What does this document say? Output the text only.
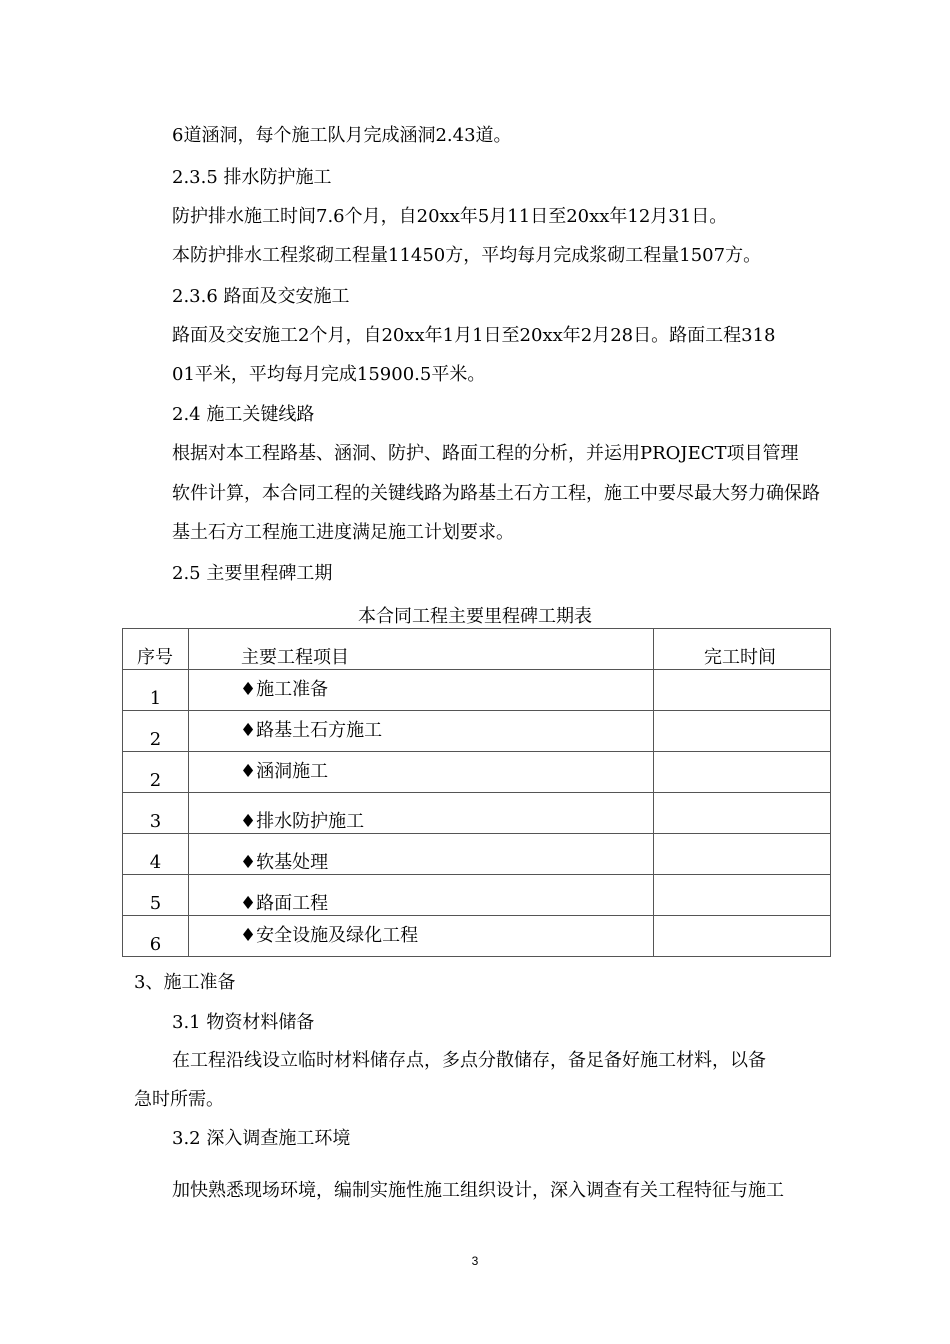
6道涵洞，每个施工队月完成涵洞2.43道。
2.3.5 排水防护施工
防护排水施工时间7.6个月，自20xx年5月11日至20xx年12月31日。
本防护排水工程浆砌工程量11450方，平均每月完成浆砌工程量1507方。
2.3.6 路面及交安施工
路面及交安施工2个月，自20xx年1月1日至20xx年2月28日。路面工程318
01平米，平均每月完成15900.5平米。
2.4 施工关键线路
根据对本工程路基、涵洞、防护、路面工程的分析，并运用PROJECT项目管理
软件计算，本合同工程的关键线路为路基土石方工程，施工中要尽最大努力确保路
基土石方工程施工进度满足施工计划要求。
2.5 主要里程碑工期
3、施工准备
3.1 物资材料储备
在工程沿线设立临时材料储存点，多点分散储存，备足备好施工材料，以备
急时所需。
3.2 深入调查施工环境
加快熟悉现场环境，编制实施性施工组织设计，深入调查有关工程特征与施工
本合同工程主要里程碑工期表
序号	主要工程项目	完工时间

1	♦施工准备	

2	♦路基土石方施工	

2	♦涵洞施工	

3	♦排水防护施工	

4	♦软基处理	

5	♦路面工程	

6	♦安全设施及绿化工程	

3
